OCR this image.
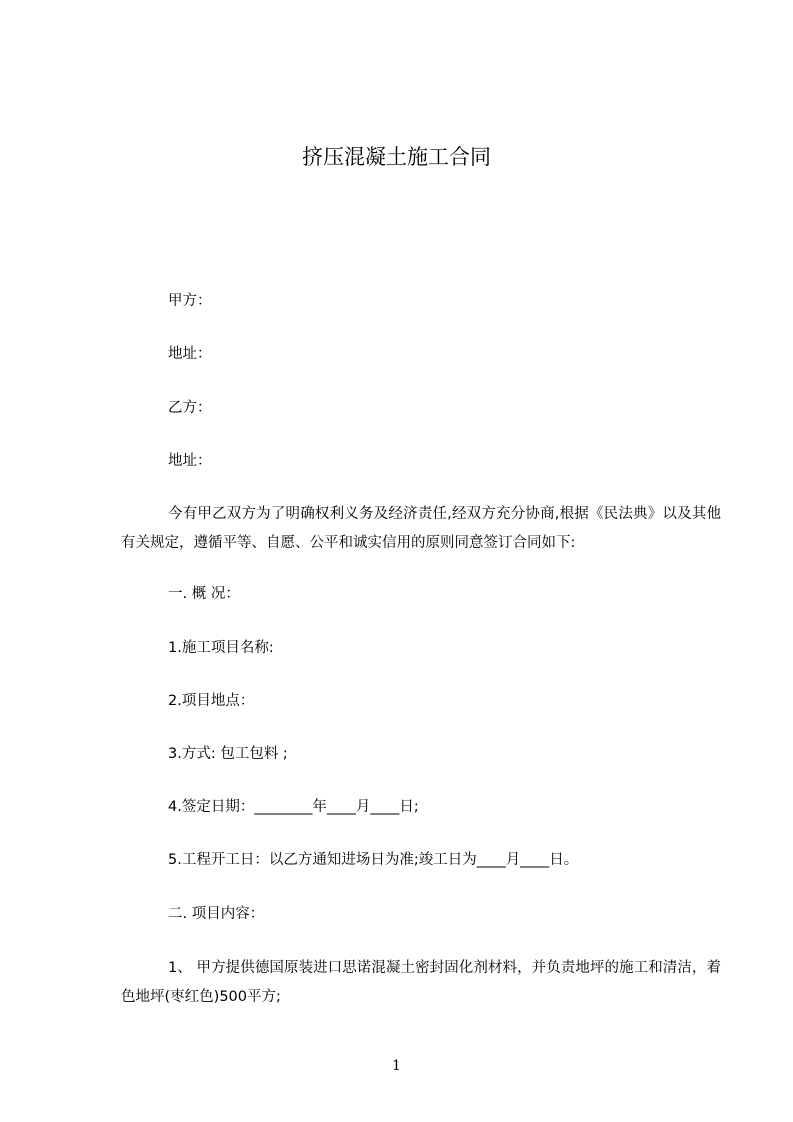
挤压混凝土施工合同
甲方：
地址：
乙方：
地址：
今有甲乙双方为了明确权利义务及经济责任,经双方充分协商,根据《民法典》以及其他有关规定，遵循平等、自愿、公平和诚实信用的原则同意签订合同如下:
一. 概 况：
1.施工项目名称:
2.项目地点：
3.方式: 包工包料 ;
4.签定日期：________年____月____日;
5.工程开工日：以乙方通知进场日为准;竣工日为____月____日。
二. 项目内容：
1、 甲方提供德国原装进口思诺混凝土密封固化剂材料，并负责地坪的施工和清洁，着色地坪(枣红色)500平方;
1
